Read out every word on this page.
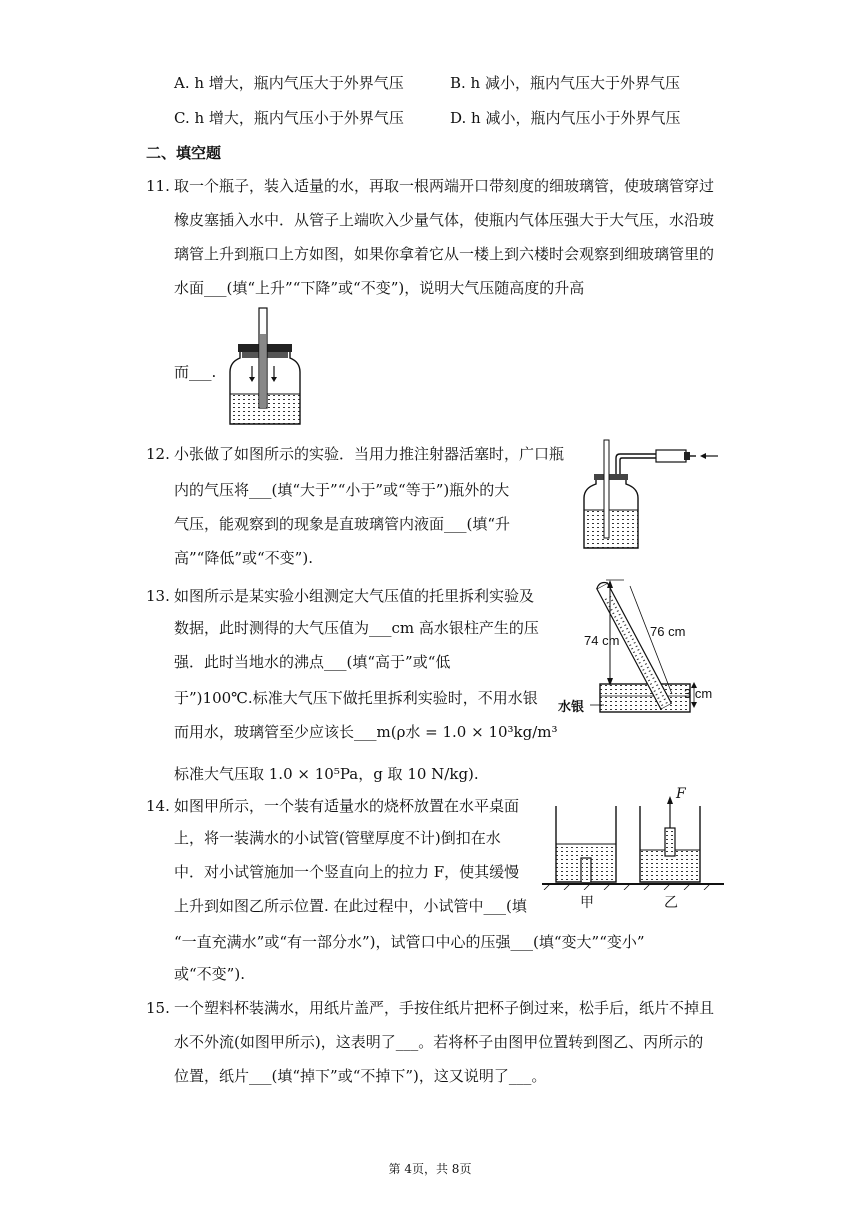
A. h 增大，瓶内气压大于外界气压	B. h 减小，瓶内气压大于外界气压
C. h 增大，瓶内气压小于外界气压	D. h 减小，瓶内气压小于外界气压
二、填空题
11. 取一个瓶子，装入适量的水，再取一根两端开口带刻度的细玻璃管，使玻璃管穿过
橡皮塞插入水中．从管子上端吹入少量气体，使瓶内气体压强大于大气压，水沿玻
璃管上升到瓶口上方如图，如果你拿着它从一楼上到六楼时会观察到细玻璃管里的
水面___(填“上升”“下降”或“不变”)，说明大气压随高度的升高
而___.
12. 小张做了如图所示的实验．当用力推注射器活塞时，广口瓶
内的气压将___(填“大于”“小于”或“等于”)瓶外的大
气压，能观察到的现象是直玻璃管内液面___(填“升
高”“降低”或“不变”).
13. 如图所示是某实验小组测定大气压值的托里拆利实验及
数据，此时测得的大气压值为___cm 高水银柱产生的压
强．此时当地水的沸点___(填“高于”或“低
于”)100℃.标准大气压下做托里拆利实验时，不用水银
而用水，玻璃管至少应该长___m(ρ水 = 1.0 × 10³kg/m³
标准大气压取 1.0 × 10⁵Pa，g 取 10 N/kg).
74 cm
76 cm
3 cm
水银
14. 如图甲所示，一个装有适量水的烧杯放置在水平桌面
上，将一装满水的小试管(管壁厚度不计)倒扣在水
中．对小试管施加一个竖直向上的拉力 F，使其缓慢
上升到如图乙所示位置. 在此过程中，小试管中___(填
“一直充满水”或“有一部分水”)，试管口中心的压强___(填“变大”“变小”
或“不变”).
F
甲	乙
15. 一个塑料杯装满水，用纸片盖严，手按住纸片把杯子倒过来，松手后，纸片不掉且
水不外流(如图甲所示)，这表明了___。若将杯子由图甲位置转到图乙、丙所示的
位置，纸片___(填“掉下”或“不掉下”)，这又说明了___。
第 4页，共 8页
